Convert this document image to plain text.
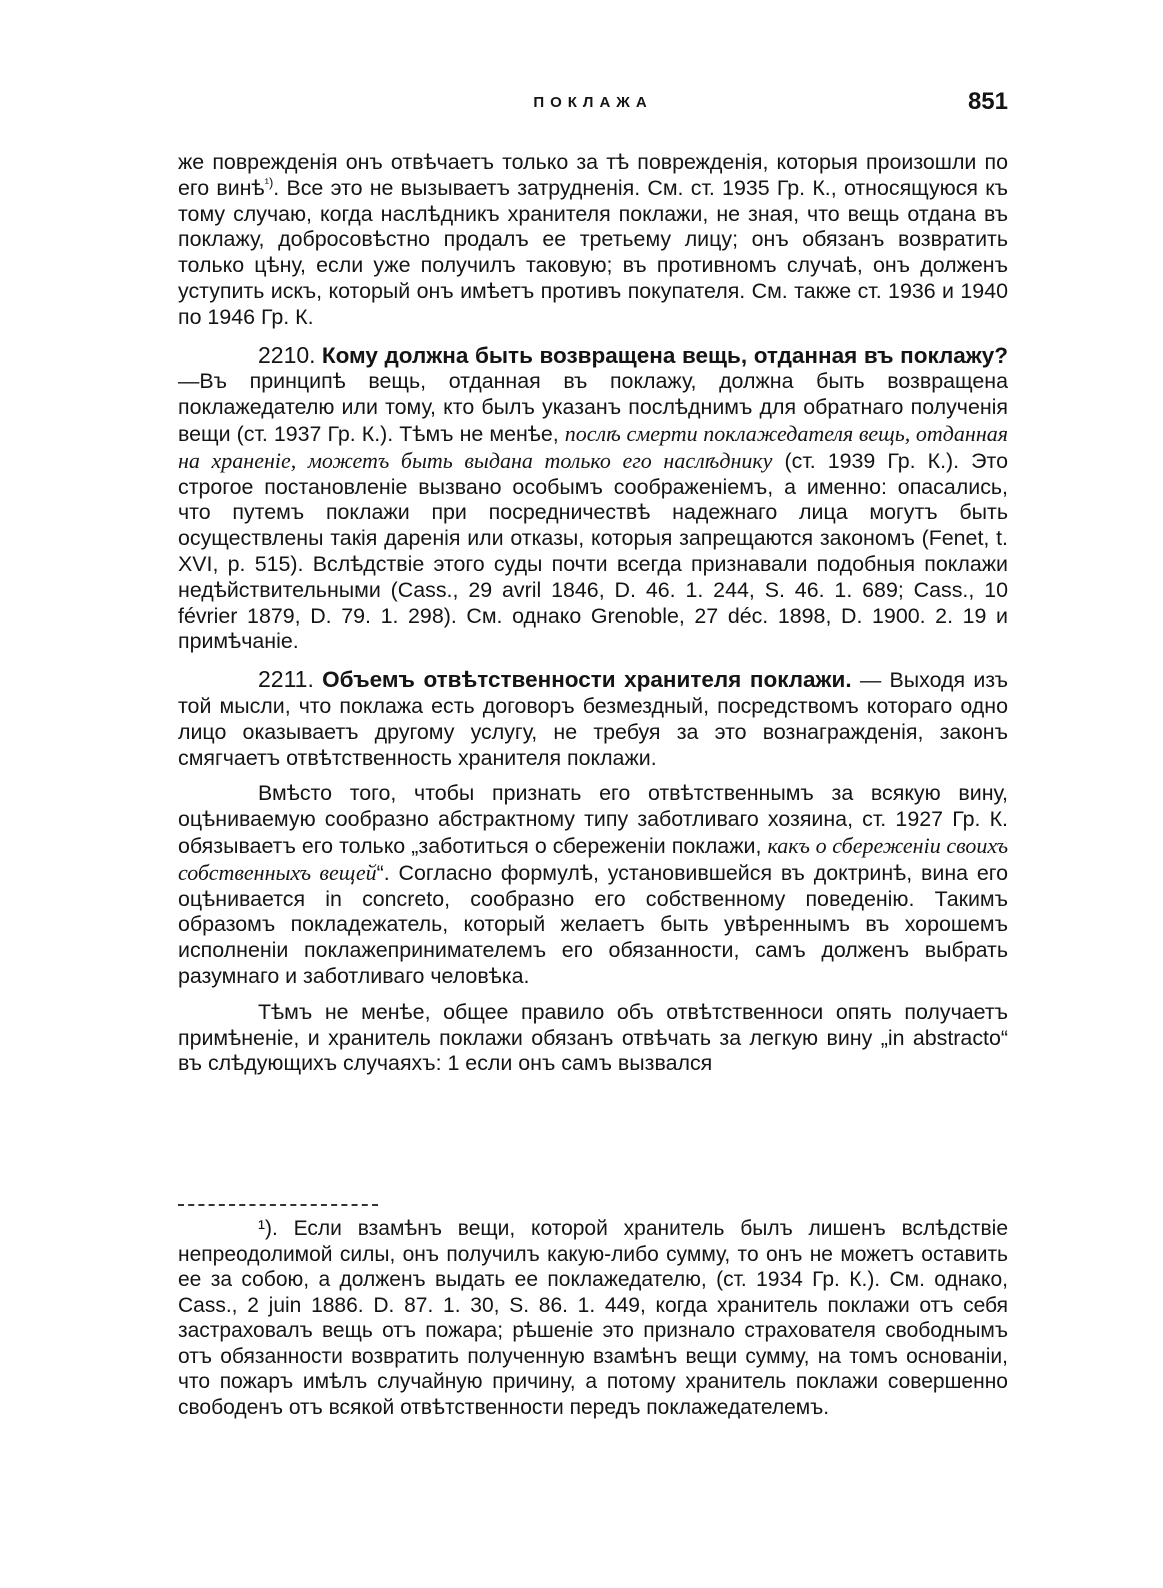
ПОКЛАЖА	851

же поврежденія онъ отвѣчаетъ только за тѣ поврежденія, которыя произошли по его винѣ$^{^1)}$. Все это не вызываетъ затрудненія. См. ст. 1935 Гр. К., относящуюся къ тому случаю, когда наслѣдникъ хранителя поклажи, не зная, что вещь отдана въ поклажу, добросовѣстно продалъ ее третьему лицу; онъ обязанъ возвратить только цѣну, если уже получилъ таковую; въ противномъ случаѣ, онъ долженъ уступить искъ, который онъ имѣетъ противъ покупателя. См. также ст. 1936 и 1940 по 1946 Гр. К.

2210. Кому должна быть возвращена вещь, отданная въ поклажу?—Въ принципѣ вещь, отданная въ поклажу, должна быть возвращена поклажедателю или тому, кто былъ указанъ послѣднимъ для обратнаго полученія вещи (ст. 1937 Гр. К.). Тѣмъ не менѣе, послѣ смерти поклажедателя вещь, отданная на храненіе, можетъ быть выдана только его наслѣднику (ст. 1939 Гр. К.). Это строгое постановленіе вызвано особымъ соображеніемъ, а именно: опасались, что путемъ поклажи при посредничествѣ надежнаго лица могутъ быть осуществлены такія даренія или отказы, которыя запрещаются закономъ (Fenet, t. XVI, p. 515). Вслѣдствіе этого суды почти всегда признавали подобныя поклажи недѣйствительными (Cass., 29 avril 1846, D. 46. 1. 244, S. 46. 1. 689; Cass., 10 février 1879, D. 79. 1. 298). См. однако Grenoble, 27 déc. 1898, D. 1900. 2. 19 и примѣчаніе.

2211. Объемъ отвѣтственности хранителя поклажи. — Выходя изъ той мысли, что поклажа есть договоръ безмездный, посредствомъ котораго одно лицо оказываетъ другому услугу, не требуя за это вознагражденія, законъ смягчаетъ отвѣтственность хранителя поклажи.

Вмѣсто того, чтобы признать его отвѣтственнымъ за всякую вину, оцѣниваемую сообразно абстрактному типу заботливаго хозяина, ст. 1927 Гр. К. обязываетъ его только „заботиться о сбереженіи поклажи, какъ о сбереженіи своихъ собственныхъ вещей“. Согласно формулѣ, установившейся въ доктринѣ, вина его оцѣнивается in concreto, сообразно его собственному поведенію. Такимъ образомъ покладежатель, который желаетъ быть увѣреннымъ въ хорошемъ исполненіи поклажепринимателемъ его обязанности, самъ долженъ выбрать разумнаго и заботливаго человѣка.

Тѣмъ не менѣе, общее правило объ отвѣтственноси опять получаетъ примѣненіе, и хранитель поклажи обязанъ отвѣчать за легкую вину „in abstracto“ въ слѣдующихъ случаяхъ: 1 если онъ самъ вызвался

¹). Если взамѣнъ вещи, которой хранитель былъ лишенъ вслѣдствіе непреодолимой силы, онъ получилъ какую-либо сумму, то онъ не можетъ оставить ее за собою, а долженъ выдать ее поклажедателю, (ст. 1934 Гр. К.). См. однако, Cass., 2 juin 1886. D. 87. 1. 30, S. 86. 1. 449, когда хранитель поклажи отъ себя застраховалъ вещь отъ пожара; рѣшеніе это признало страхователя свободнымъ отъ обязанности возвратить полученную взамѣнъ вещи сумму, на томъ основаніи, что пожаръ имѣлъ случайную причину, а потому хранитель поклажи совершенно свободенъ отъ всякой отвѣтственности передъ поклажедателемъ.
